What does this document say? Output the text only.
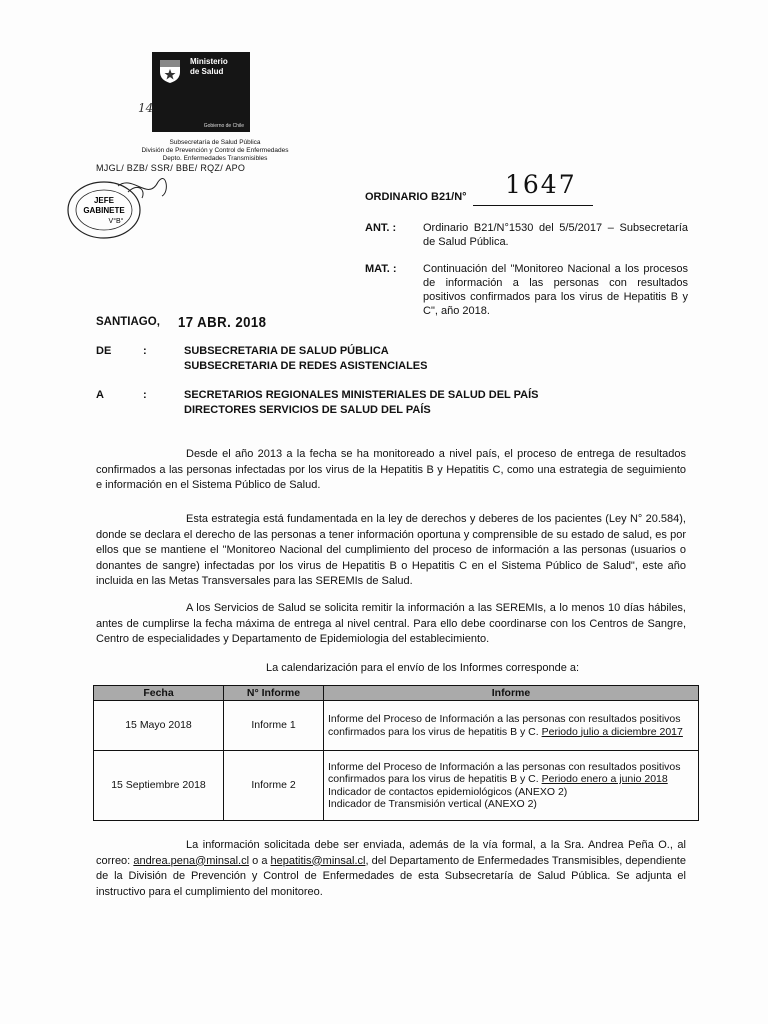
Ministerio
de Salud
Gobierno de Chile
14
Subsecretaría de Salud Pública
División de Prevención y Control de Enfermedades
Depto. Enfermedades Transmisibles
MJGL/ BZB/ SSR/ BBE/ RQZ/ APO
JEFE
GABINETE
V°B°
ORDINARIO B21/N° 1647
ANT. : Ordinario B21/N°1530 del 5/5/2017 – Subsecretaría de Salud Pública.
MAT. : Continuación del "Monitoreo Nacional a los procesos de información a las personas con resultados positivos confirmados para los virus de Hepatitis B y C", año 2018.
SANTIAGO, 17 ABR. 2018
DE	:	SUBSECRETARIA DE SALUD PÚBLICA
SUBSECRETARIA DE REDES ASISTENCIALES
A	:	SECRETARIOS REGIONALES MINISTERIALES DE SALUD DEL PAÍS
DIRECTORES SERVICIOS DE SALUD DEL PAÍS
Desde el año 2013 a la fecha se ha monitoreado a nivel país, el proceso de entrega de resultados confirmados a las personas infectadas por los virus de la Hepatitis B y Hepatitis C, como una estrategia de seguimiento e información en el Sistema Público de Salud.
Esta estrategia está fundamentada en la ley de derechos y deberes de los pacientes (Ley N° 20.584), donde se declara el derecho de las personas a tener información oportuna y comprensible de su estado de salud, es por ellos que se mantiene el "Monitoreo Nacional del cumplimiento del proceso de información a las personas (usuarios o donantes de sangre) infectadas por los virus de Hepatitis B o Hepatitis C en el Sistema Público de Salud", este año incluida en las Metas Transversales para las SEREMIs de Salud.
A los Servicios de Salud se solicita remitir la información a las SEREMIs, a lo menos 10 días hábiles, antes de cumplirse la fecha máxima de entrega al nivel central. Para ello debe coordinarse con los Centros de Sangre, Centro de especialidades y Departamento de Epidemiologia del establecimiento.
La calendarización para el envío de los Informes corresponde a:
Fecha	N° Informe	Informe
15 Mayo 2018	Informe 1	Informe del Proceso de Información a las personas con resultados positivos confirmados para los virus de hepatitis B y C. Periodo julio a diciembre 2017
15 Septiembre 2018	Informe 2	Informe del Proceso de Información a las personas con resultados positivos confirmados para los virus de hepatitis B y C. Periodo enero a junio 2018
Indicador de contactos epidemiológicos (ANEXO 2)
Indicador de Transmisión vertical (ANEXO 2)
La información solicitada debe ser enviada, además de la vía formal, a la Sra. Andrea Peña O., al correo: andrea.pena@minsal.cl o a hepatitis@minsal.cl, del Departamento de Enfermedades Transmisibles, dependiente de la División de Prevención y Control de Enfermedades de esta Subsecretaría de Salud Pública. Se adjunta el instructivo para el cumplimiento del monitoreo.
